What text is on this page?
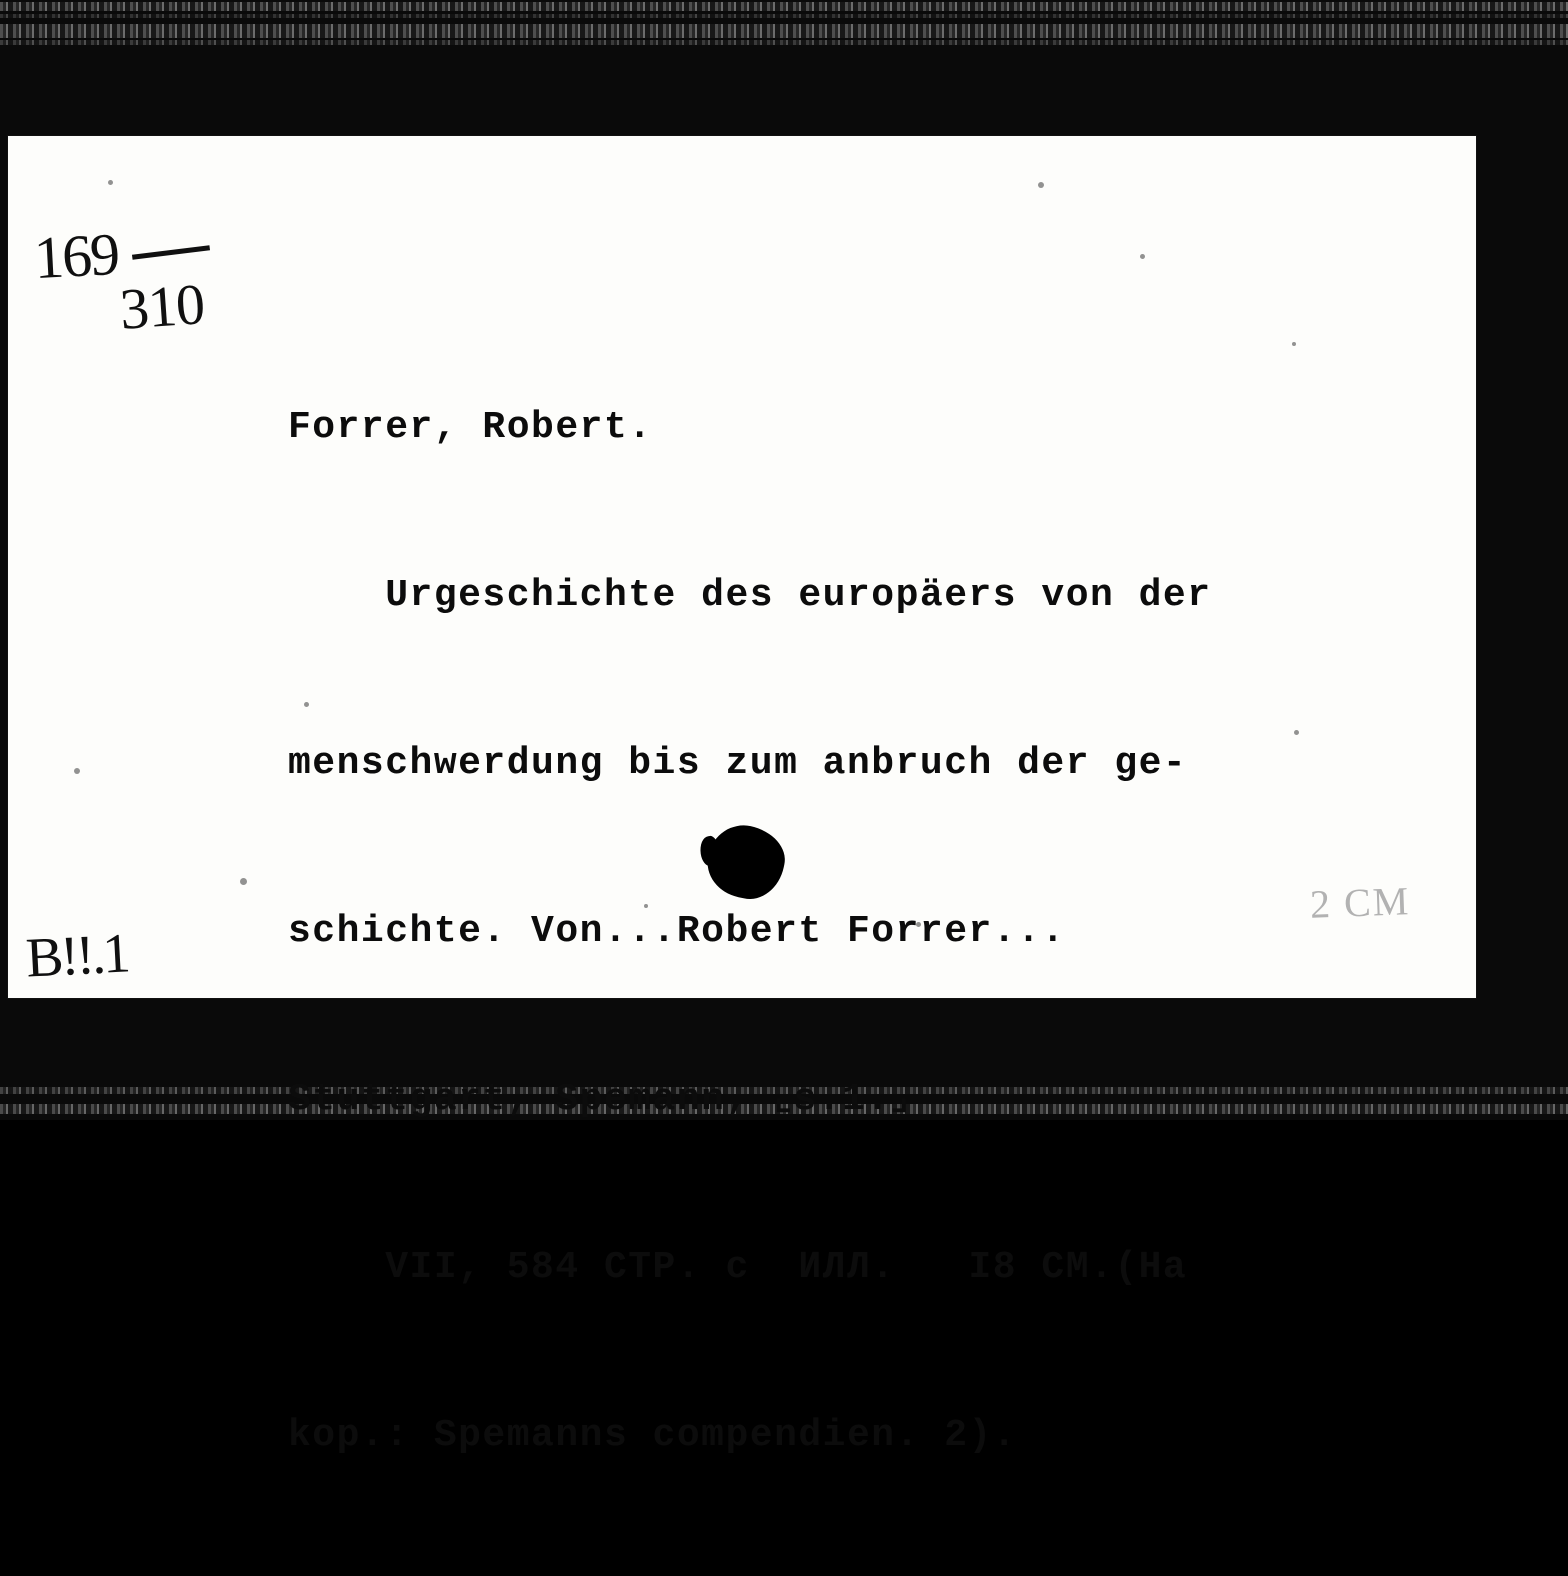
169
310

Forrer, Robert.

Urgeschichte des europäers von der

menschwerdung bis zum anbruch der ge-

schichte. Von...Robert Forrer...

Stuttgart, Spemann, ⌞s.1.⌟

VII, 584 CTP. c  ИЛЛ.   I8 CM.(Ha

kop.: Spemanns compendien. 2).

2 CM
B!!.1
